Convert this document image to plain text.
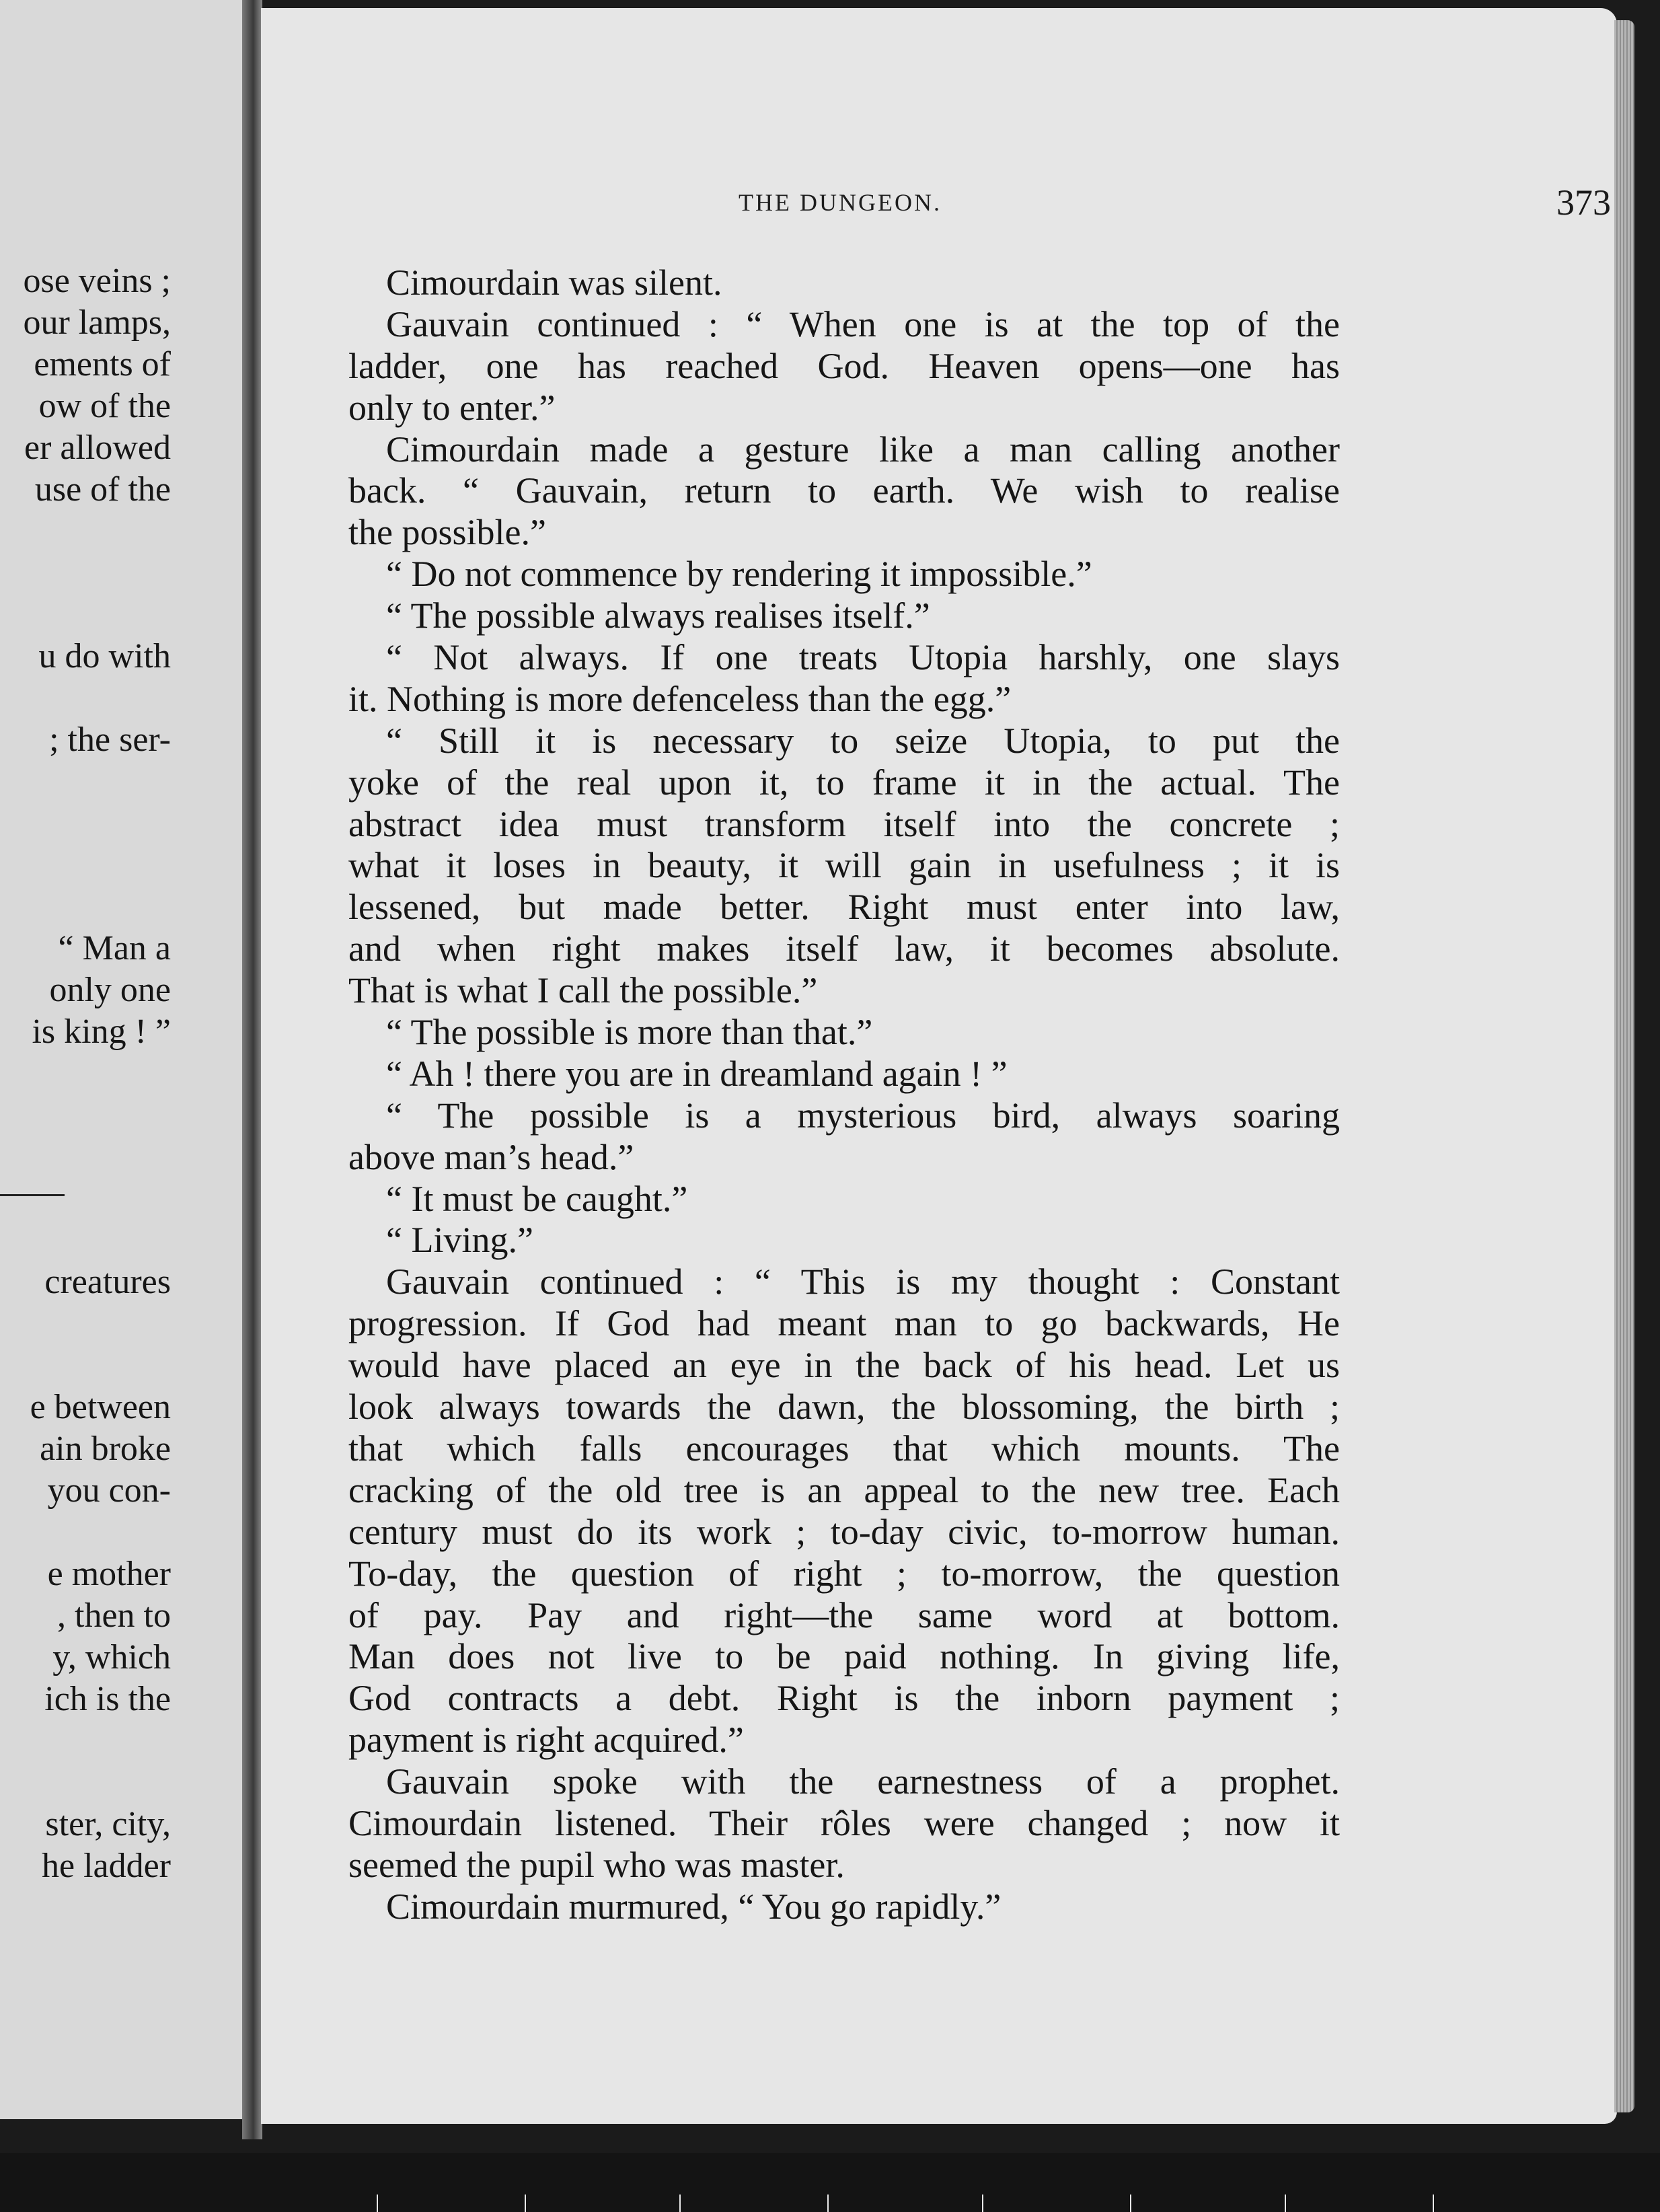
ose veins ;
our lamps,
ements of
ow of the
er allowed
use of the
u do with
; the ser-
“ Man a
only one
is king ! ”
creatures
e between
ain broke
you con-
e mother
, then to
y, which
ich is the
ster, city,
he ladder
THE DUNGEON.	373
Cimourdain was silent.
Gauvain continued : “ When one is at the top of the
ladder, one has reached God. Heaven opens—one has
only to enter.”
Cimourdain made a gesture like a man calling another
back. “ Gauvain, return to earth. We wish to realise
the possible.”
“ Do not commence by rendering it impossible.”
“ The possible always realises itself.”
“ Not always. If one treats Utopia harshly, one slays
it. Nothing is more defenceless than the egg.”
“ Still it is necessary to seize Utopia, to put the
yoke of the real upon it, to frame it in the actual. The
abstract idea must transform itself into the concrete ;
what it loses in beauty, it will gain in usefulness ; it is
lessened, but made better. Right must enter into law,
and when right makes itself law, it becomes absolute.
That is what I call the possible.”
“ The possible is more than that.”
“ Ah ! there you are in dreamland again ! ”
“ The possible is a mysterious bird, always soaring
above man’s head.”
“ It must be caught.”
“ Living.”
Gauvain continued : “ This is my thought : Constant
progression. If God had meant man to go backwards, He
would have placed an eye in the back of his head. Let us
look always towards the dawn, the blossoming, the birth ;
that which falls encourages that which mounts. The
cracking of the old tree is an appeal to the new tree. Each
century must do its work ; to-day civic, to-morrow human.
To-day, the question of right ; to-morrow, the question
of pay. Pay and right—the same word at bottom.
Man does not live to be paid nothing. In giving life,
God contracts a debt. Right is the inborn payment ;
payment is right acquired.”
Gauvain spoke with the earnestness of a prophet.
Cimourdain listened. Their rôles were changed ; now it
seemed the pupil who was master.
Cimourdain murmured, “ You go rapidly.”
